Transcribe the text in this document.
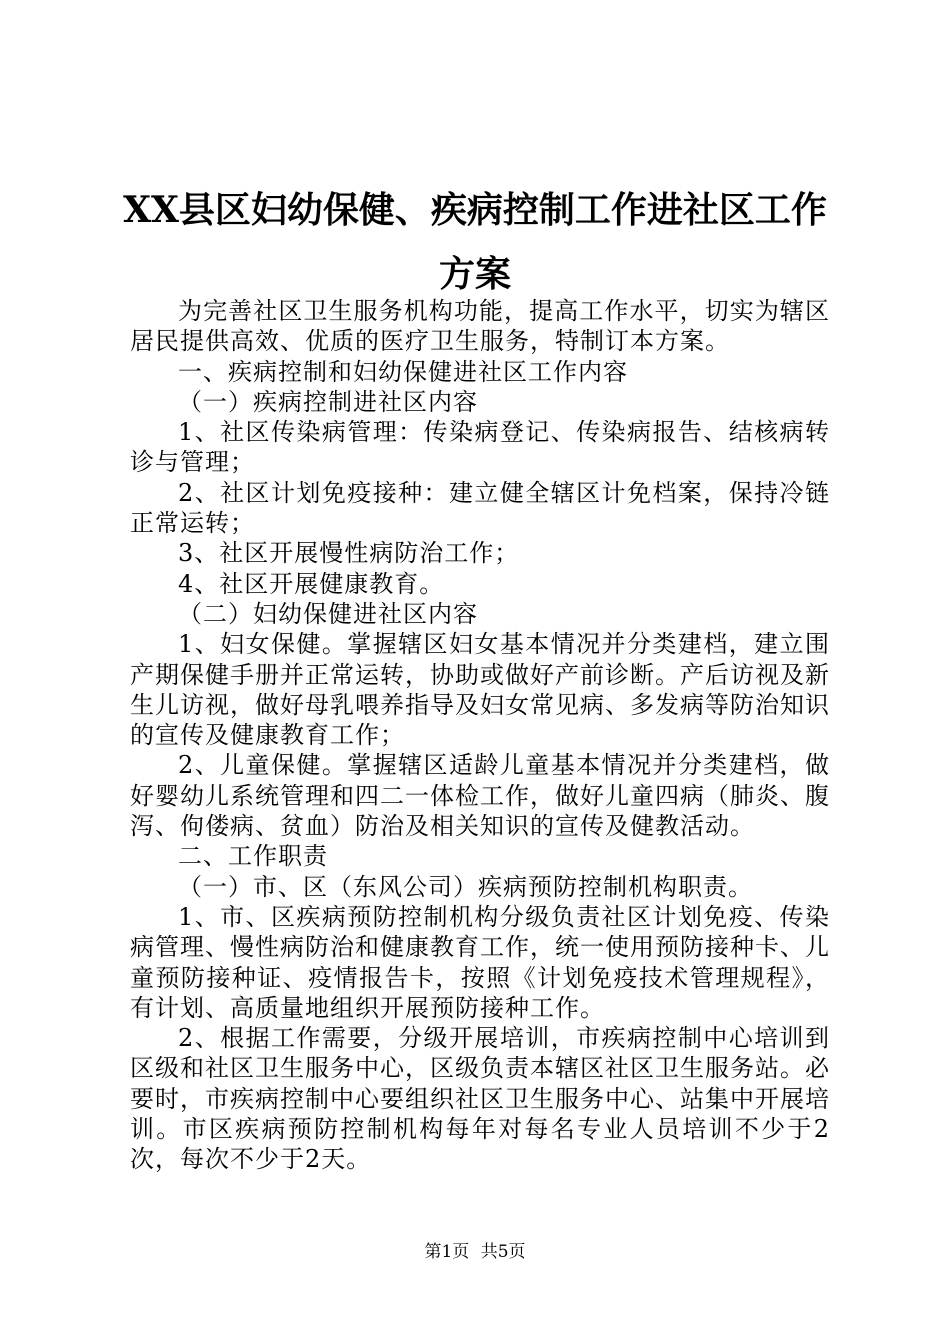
XX县区妇幼保健、疾病控制工作进社区工作
方案

为完善社区卫生服务机构功能，提高工作水平，切实为辖区居民提供高效、优质的医疗卫生服务，特制订本方案。

一、疾病控制和妇幼保健进社区工作内容

（一）疾病控制进社区内容

1、社区传染病管理：传染病登记、传染病报告、结核病转诊与管理；

2、社区计划免疫接种：建立健全辖区计免档案，保持冷链正常运转；

3、社区开展慢性病防治工作；

4、社区开展健康教育。

（二）妇幼保健进社区内容

1、妇女保健。掌握辖区妇女基本情况并分类建档，建立围产期保健手册并正常运转，协助或做好产前诊断。产后访视及新生儿访视，做好母乳喂养指导及妇女常见病、多发病等防治知识的宣传及健康教育工作；

2、儿童保健。掌握辖区适龄儿童基本情况并分类建档，做好婴幼儿系统管理和四二一体检工作，做好儿童四病（肺炎、腹泻、佝偻病、贫血）防治及相关知识的宣传及健教活动。

二、工作职责

（一）市、区（东风公司）疾病预防控制机构职责。

1、市、区疾病预防控制机构分级负责社区计划免疫、传染病管理、慢性病防治和健康教育工作，统一使用预防接种卡、儿童预防接种证、疫情报告卡，按照《计划免疫技术管理规程》，有计划、高质量地组织开展预防接种工作。

2、根据工作需要，分级开展培训，市疾病控制中心培训到区级和社区卫生服务中心，区级负责本辖区社区卫生服务站。必要时，市疾病控制中心要组织社区卫生服务中心、站集中开展培训。市区疾病预防控制机构每年对每名专业人员培训不少于2次，每次不少于2天。

第1页 共5页
